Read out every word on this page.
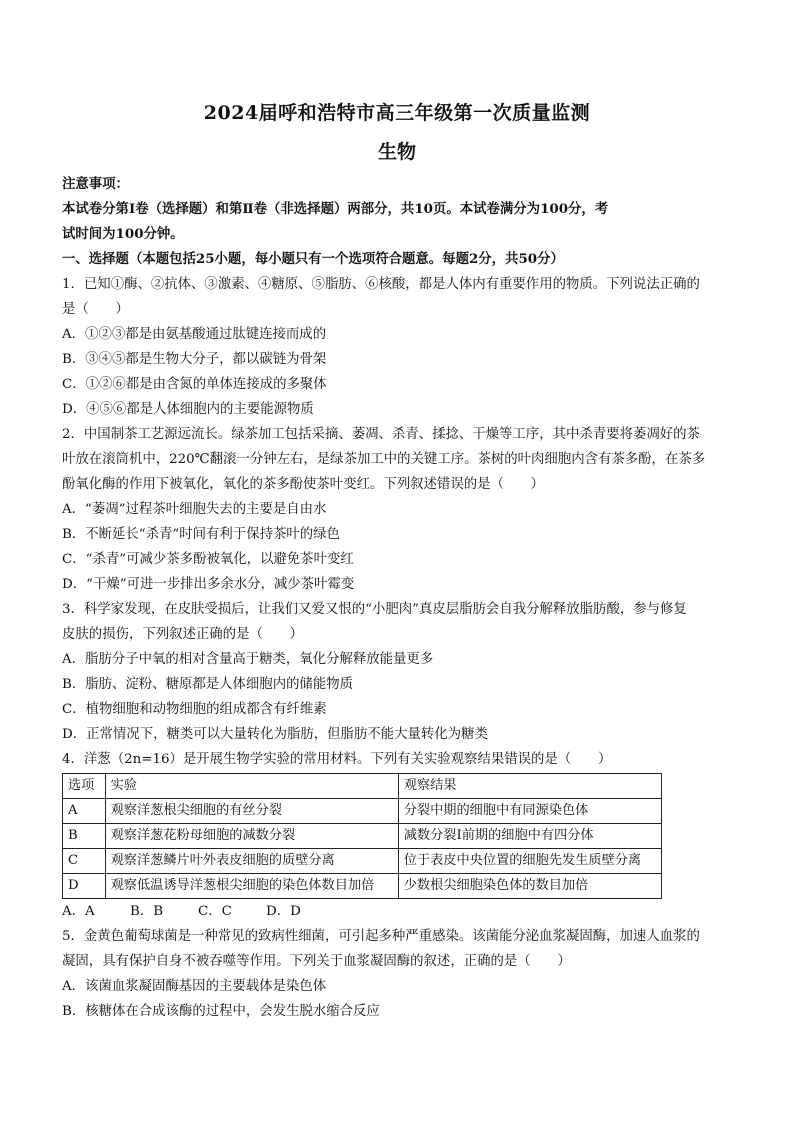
2024届呼和浩特市高三年级第一次质量监测
生物
注意事项：
本试卷分第Ⅰ卷（选择题）和第Ⅱ卷（非选择题）两部分，共10页。本试卷满分为100分，考
试时间为100分钟。
一、选择题（本题包括25小题，每小题只有一个选项符合题意。每题2分，共50分）
1．已知①酶、②抗体、③激素、④糖原、⑤脂肪、⑥核酸，都是人体内有重要作用的物质。下列说法正确的
是（　　）
A．①②③都是由氨基酸通过肽键连接而成的
B．③④⑤都是生物大分子，都以碳链为骨架
C．①②⑥都是由含氮的单体连接成的多聚体
D．④⑤⑥都是人体细胞内的主要能源物质
2．中国制茶工艺源远流长。绿茶加工包括采摘、萎凋、杀青、揉捻、干燥等工序，其中杀青要将萎凋好的茶
叶放在滚筒机中，220℃翻滚一分钟左右，是绿茶加工中的关键工序。茶树的叶肉细胞内含有茶多酚，在茶多
酚氧化酶的作用下被氧化，氧化的茶多酚使茶叶变红。下列叙述错误的是（　　）
A．“萎凋”过程茶叶细胞失去的主要是自由水
B．不断延长“杀青”时间有利于保持茶叶的绿色
C．“杀青”可减少茶多酚被氧化，以避免茶叶变红
D．“干燥”可进一步排出多余水分，减少茶叶霉变
3．科学家发现，在皮肤受损后，让我们又爱又恨的“小肥肉”真皮层脂肪会自我分解释放脂肪酸，参与修复
皮肤的损伤，下列叙述正确的是（　　）
A．脂肪分子中氧的相对含量高于糖类，氧化分解释放能量更多
B．脂肪、淀粉、糖原都是人体细胞内的储能物质
C．植物细胞和动物细胞的组成都含有纤维素
D．正常情况下，糖类可以大量转化为脂肪，但脂肪不能大量转化为糖类
4．洋葱（2n=16）是开展生物学实验的常用材料。下列有关实验观察结果错误的是（　　）
选项	实验	观察结果
A	观察洋葱根尖细胞的有丝分裂	分裂中期的细胞中有同源染色体
B	观察洋葱花粉母细胞的减数分裂	减数分裂Ⅰ前期的细胞中有四分体
C	观察洋葱鳞片叶外表皮细胞的质壁分离	位于表皮中央位置的细胞先发生质壁分离
D	观察低温诱导洋葱根尖细胞的染色体数目加倍	少数根尖细胞染色体的数目加倍
A．A	B．B	C．C	D．D
5．金黄色葡萄球菌是一种常见的致病性细菌，可引起多种严重感染。该菌能分泌血浆凝固酶，加速人血浆的
凝固，具有保护自身不被吞噬等作用。下列关于血浆凝固酶的叙述，正确的是（　　）
A．该菌血浆凝固酶基因的主要载体是染色体
B．核糖体在合成该酶的过程中，会发生脱水缩合反应
